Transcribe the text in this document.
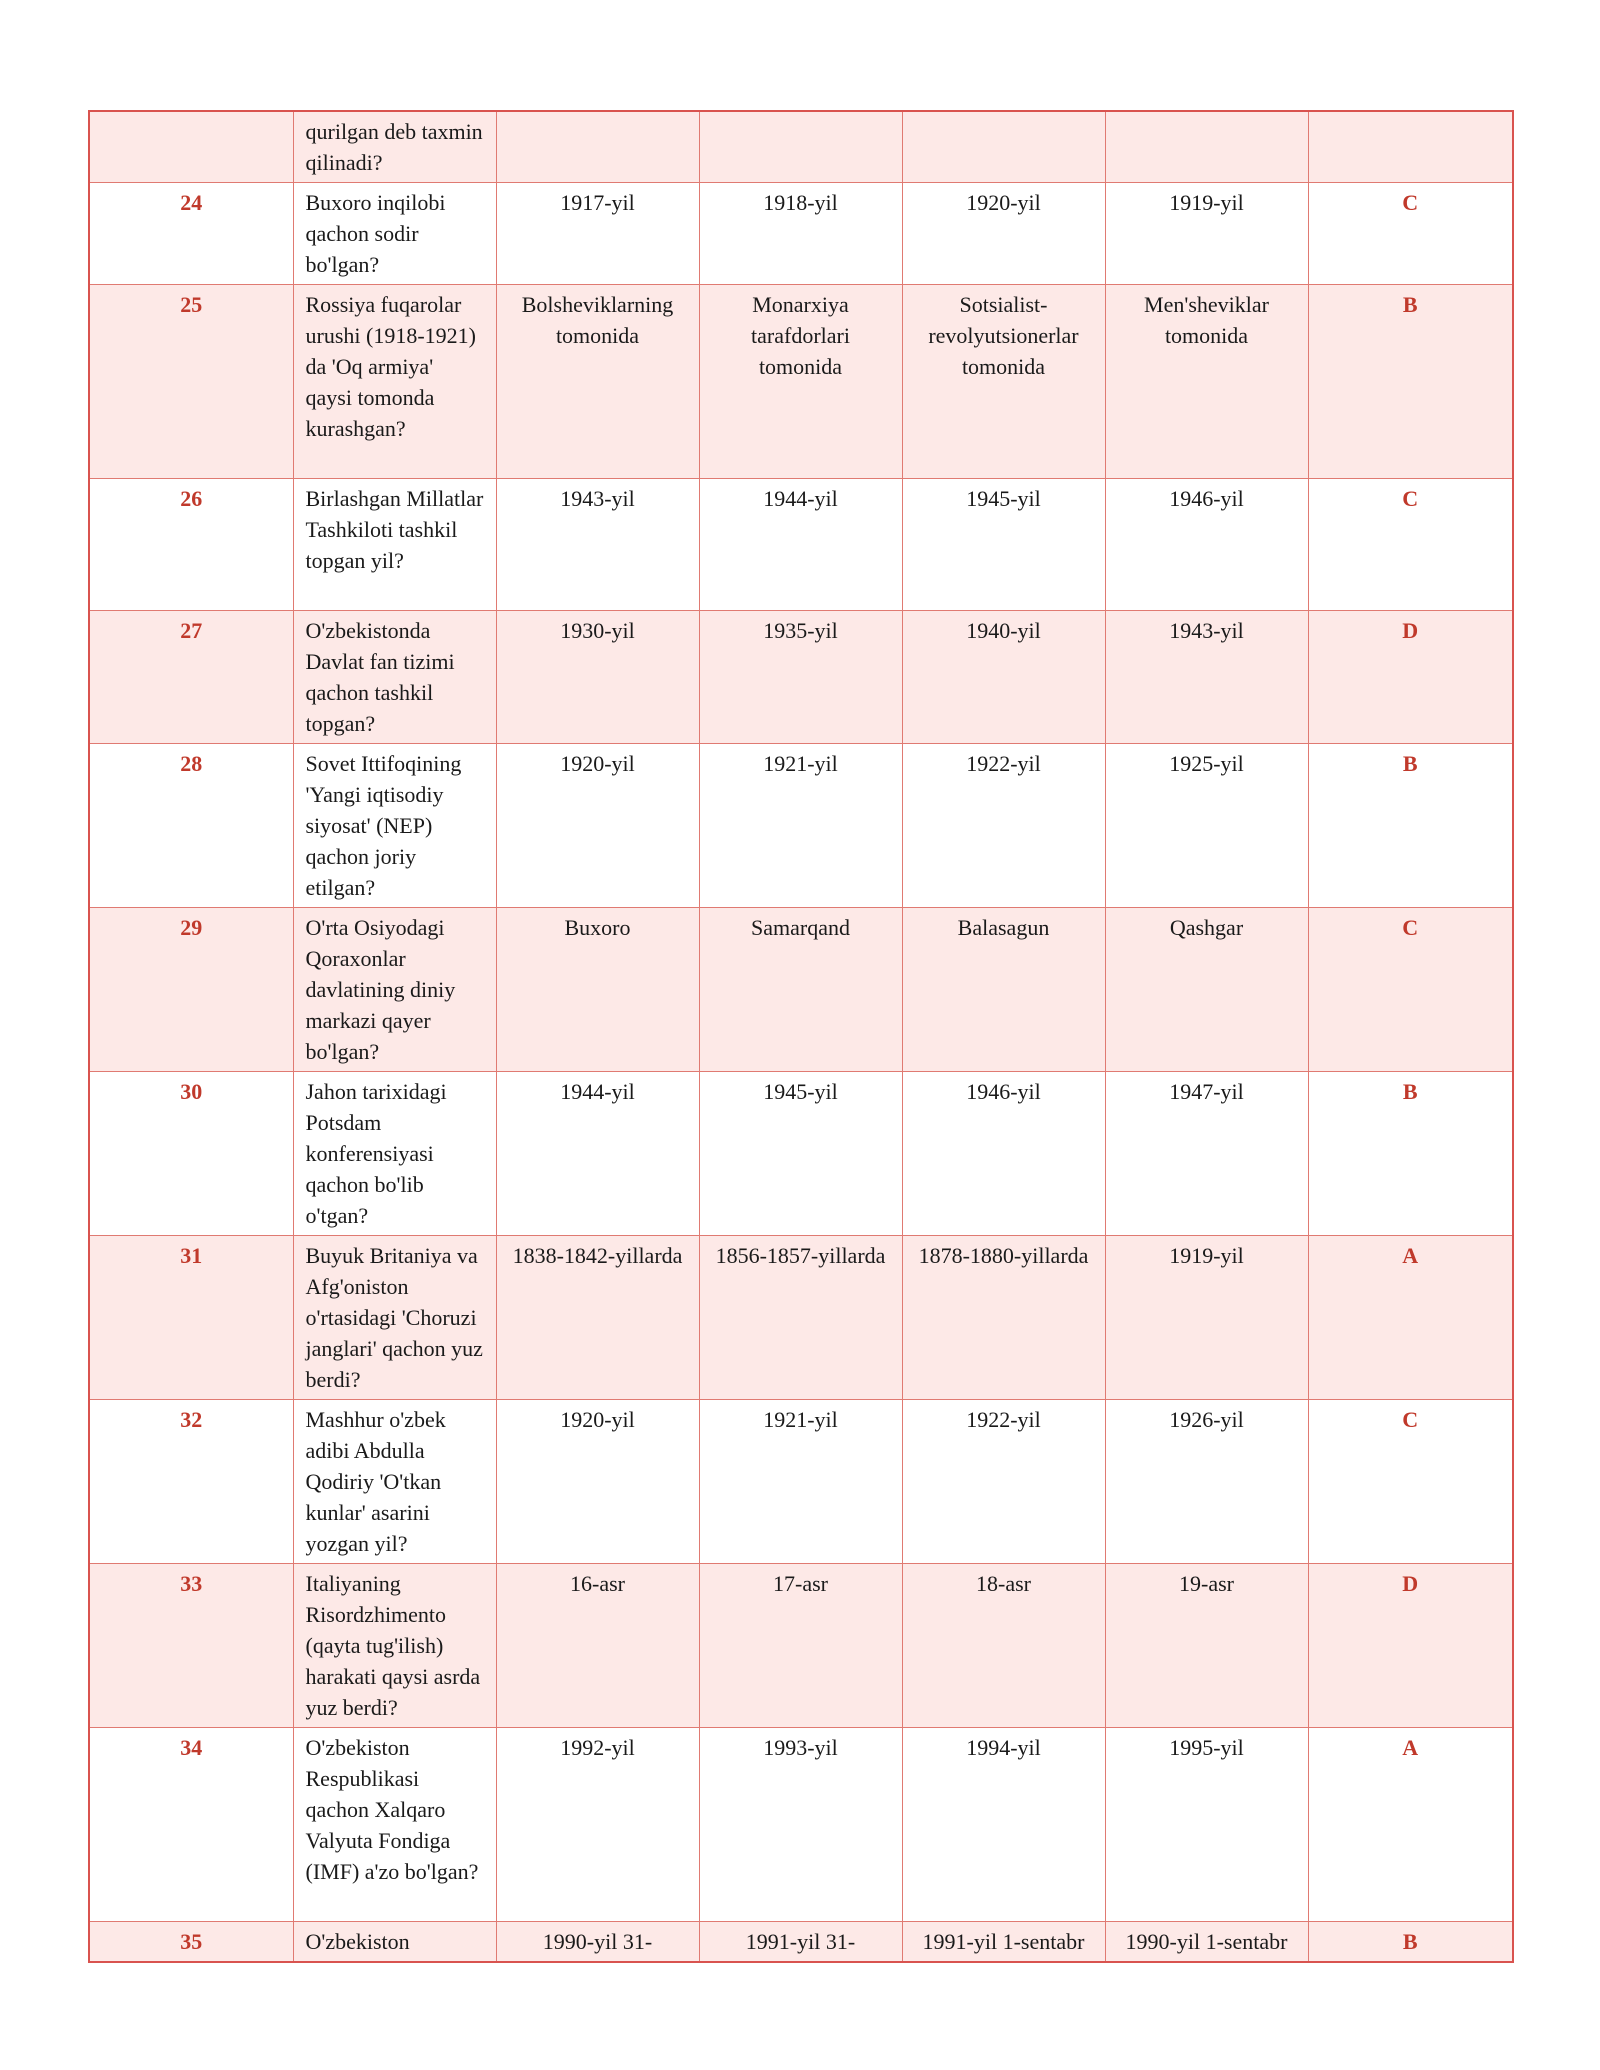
	qurilgan deb taxmin qilinadi?					
24	Buxoro inqilobi qachon sodir bo'lgan?	1917-yil	1918-yil	1920-yil	1919-yil	C
25	Rossiya fuqarolar urushi (1918-1921) da 'Oq armiya' qaysi tomonda kurashgan?	Bolsheviklarning tomonida	Monarxiya tarafdorlari tomonida	Sotsialist-revolyutsionerlar tomonida	Men'sheviklar tomonida	B
26	Birlashgan Millatlar Tashkiloti tashkil topgan yil?	1943-yil	1944-yil	1945-yil	1946-yil	C
27	O'zbekistonda Davlat fan tizimi qachon tashkil topgan?	1930-yil	1935-yil	1940-yil	1943-yil	D
28	Sovet Ittifoqining 'Yangi iqtisodiy siyosat' (NEP) qachon joriy etilgan?	1920-yil	1921-yil	1922-yil	1925-yil	B
29	O'rta Osiyodagi Qoraxonlar davlatining diniy markazi qayer bo'lgan?	Buxoro	Samarqand	Balasagun	Qashgar	C
30	Jahon tarixidagi Potsdam konferensiyasi qachon bo'lib o'tgan?	1944-yil	1945-yil	1946-yil	1947-yil	B
31	Buyuk Britaniya va Afg'oniston o'rtasidagi 'Choruzi janglari' qachon yuz berdi?	1838-1842-yillarda	1856-1857-yillarda	1878-1880-yillarda	1919-yil	A
32	Mashhur o'zbek adibi Abdulla Qodiriy 'O'tkan kunlar' asarini yozgan yil?	1920-yil	1921-yil	1922-yil	1926-yil	C
33	Italiyaning Risordzhimento (qayta tug'ilish) harakati qaysi asrda yuz berdi?	16-asr	17-asr	18-asr	19-asr	D
34	O'zbekiston Respublikasi qachon Xalqaro Valyuta Fondiga (IMF) a'zo bo'lgan?	1992-yil	1993-yil	1994-yil	1995-yil	A
35	O'zbekiston	1990-yil 31-	1991-yil 31-	1991-yil 1-sentabr	1990-yil 1-sentabr	B
